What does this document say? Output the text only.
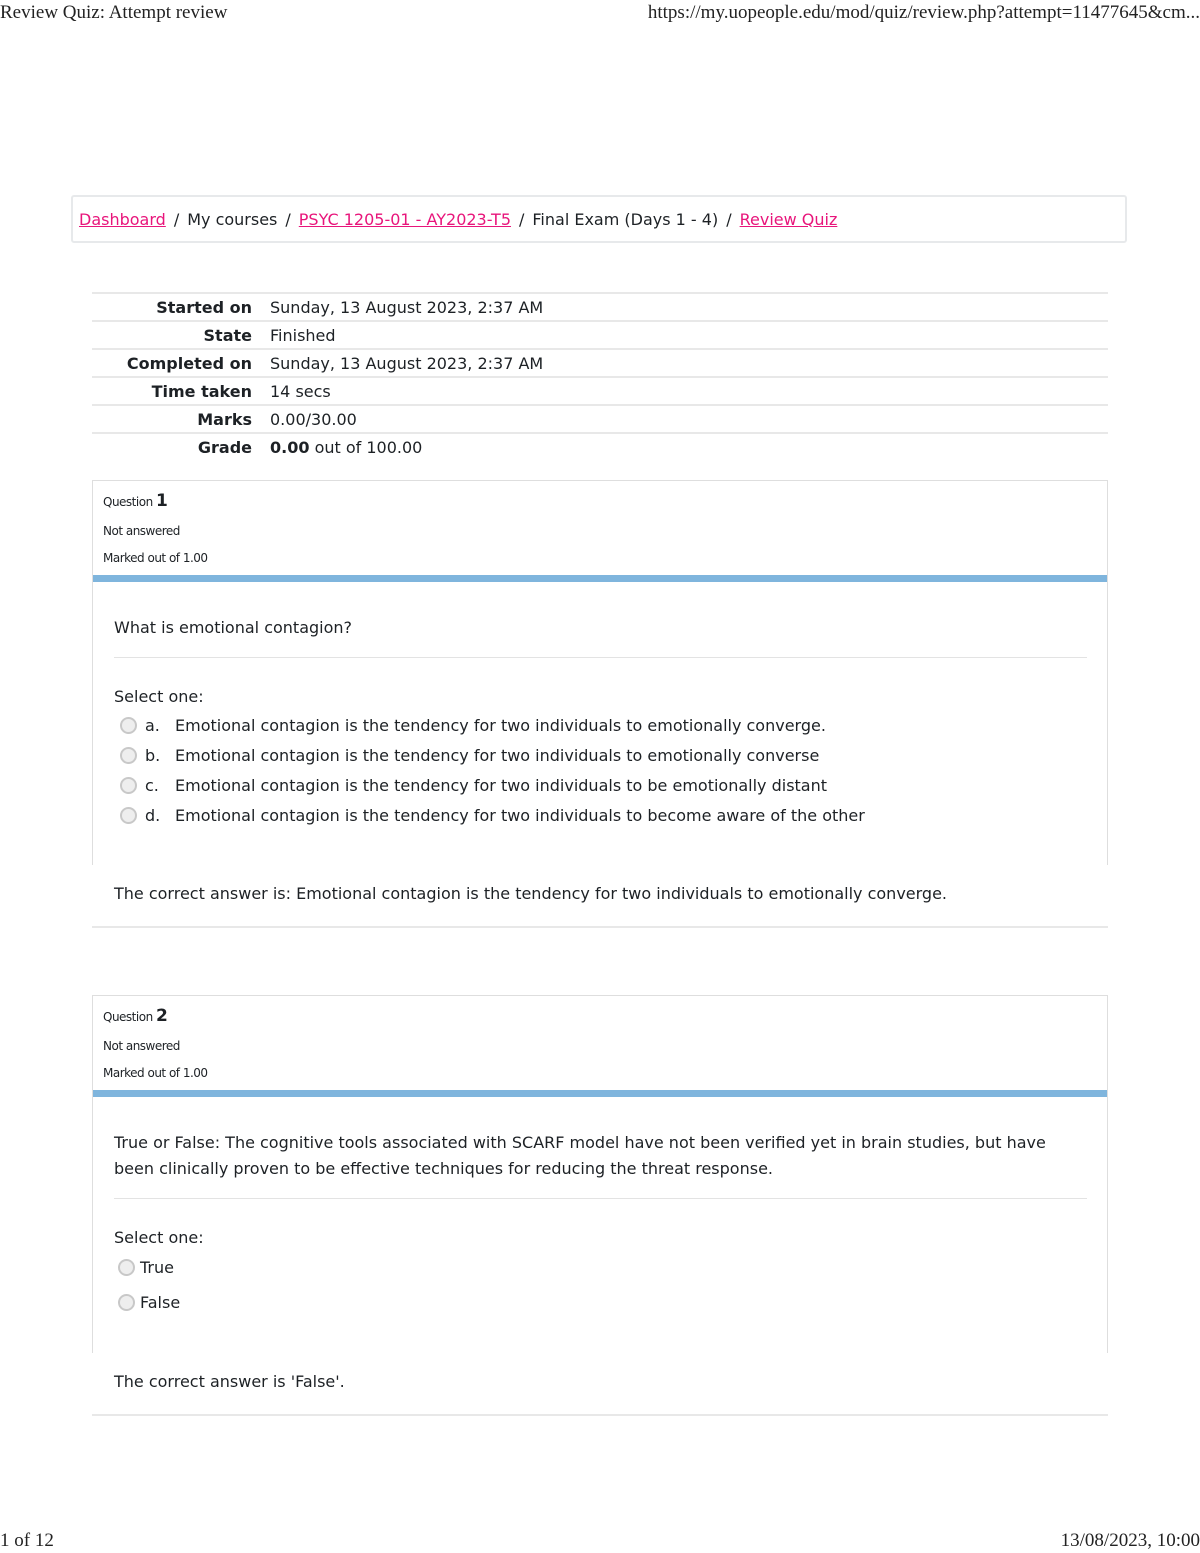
Review Quiz: Attempt review	https://my.uopeople.edu/mod/quiz/review.php?attempt=11477645&cm...
Dashboard / My courses / PSYC 1205-01 - AY2023-T5 / Final Exam (Days 1 - 4) / Review Quiz
Started on	Sunday, 13 August 2023, 2:37 AM
State	Finished
Completed on	Sunday, 13 August 2023, 2:37 AM
Time taken	14 secs
Marks	0.00/30.00
Grade	0.00 out of 100.00
Question 1
Not answered
Marked out of 1.00
What is emotional contagion?
Select one:
a. Emotional contagion is the tendency for two individuals to emotionally converge.
b. Emotional contagion is the tendency for two individuals to emotionally converse
c.	Emotional contagion is the tendency for two individuals to be emotionally distant
d. Emotional contagion is the tendency for two individuals to become aware of the other
The correct answer is: Emotional contagion is the tendency for two individuals to emotionally converge.
Question 2
Not answered
Marked out of 1.00
True or False: The cognitive tools associated with SCARF model have not been verified yet in brain studies, but have been clinically proven to be effective techniques for reducing the threat response.
Select one:
True
False
The correct answer is 'False'.
1 of 12	13/08/2023, 10:00
